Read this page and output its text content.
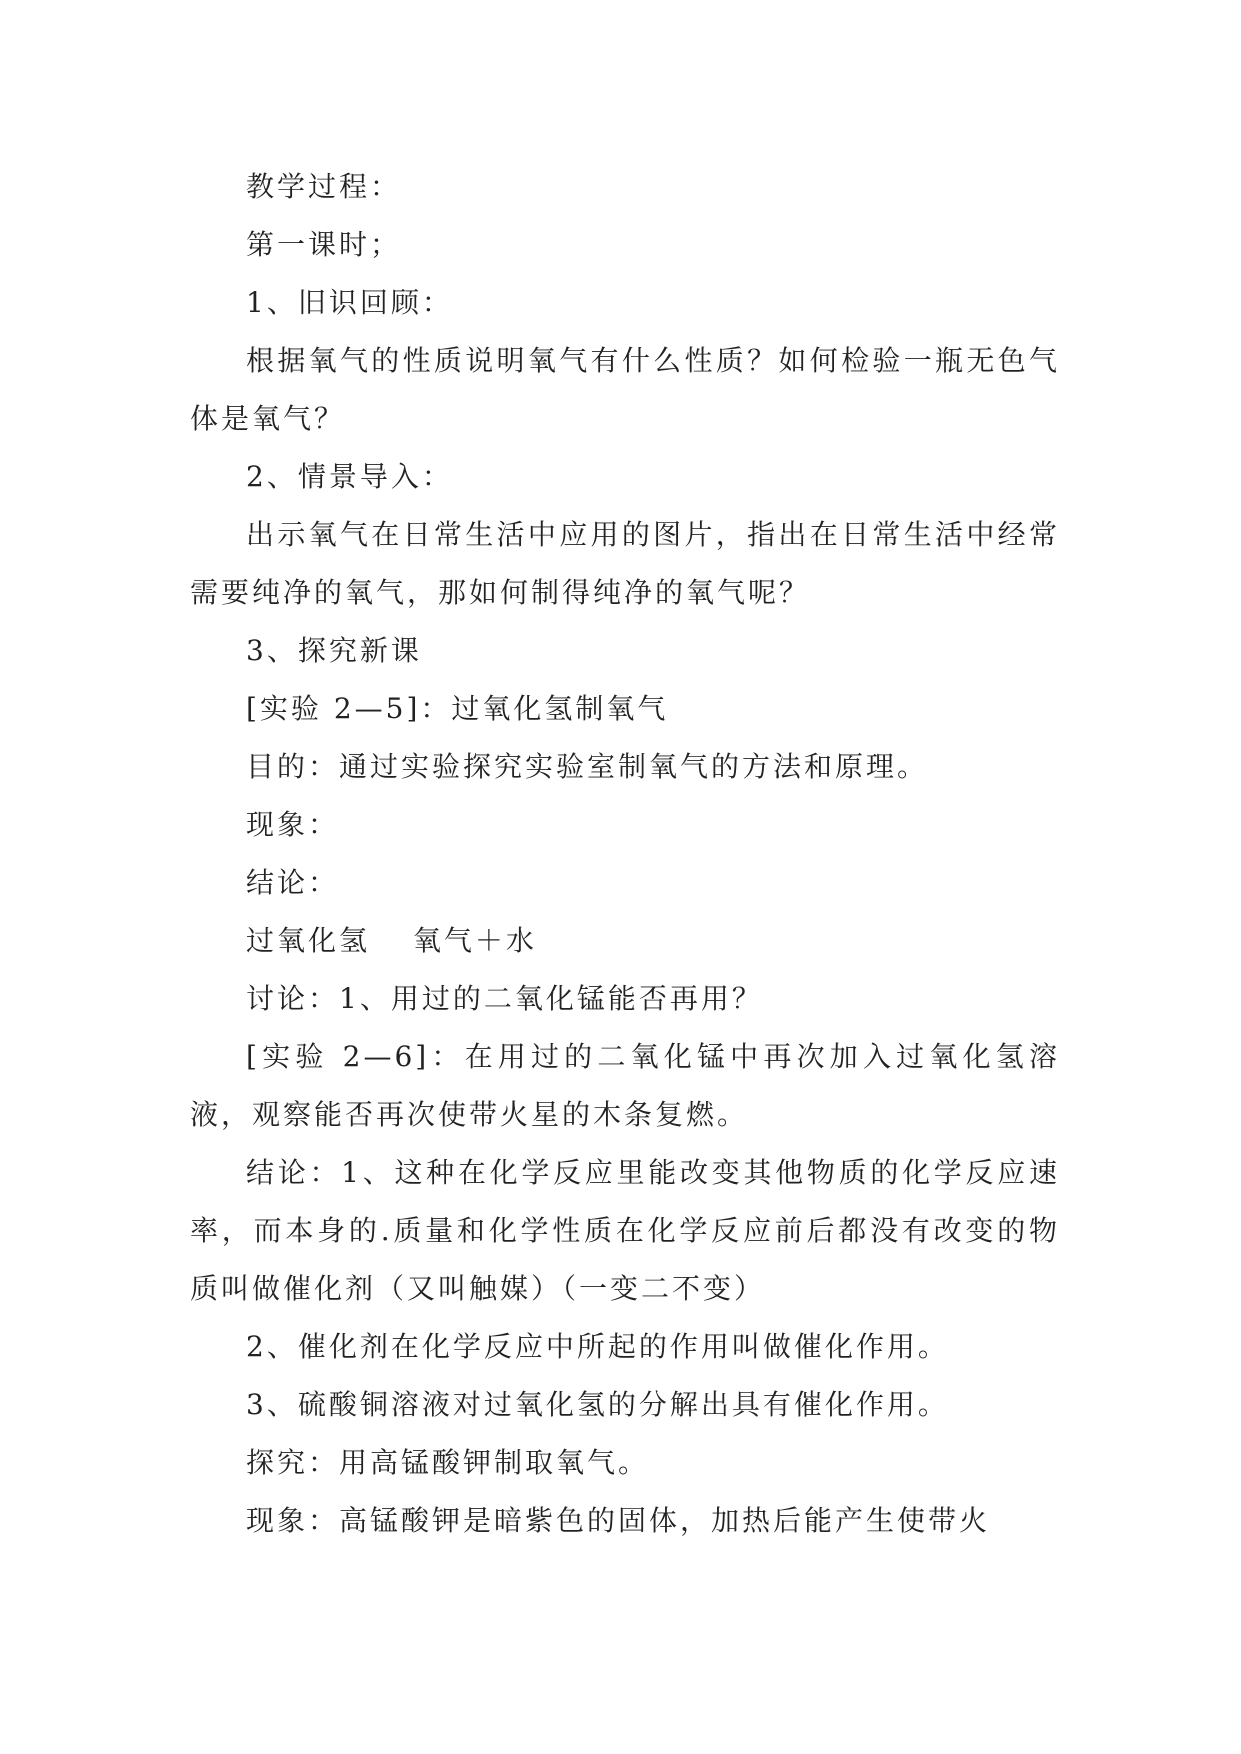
教学过程：

第一课时；

1、旧识回顾：

根据氧气的性质说明氧气有什么性质？如何检验一瓶无色气体是氧气？

2、情景导入：

出示氧气在日常生活中应用的图片，指出在日常生活中经常需要纯净的氧气，那如何制得纯净的氧气呢？

3、探究新课

[实验 2—5]：过氧化氢制氧气

目的：通过实验探究实验室制氧气的方法和原理。

现象：

结论：

过氧化氢　 氧气＋水

讨论：1、用过的二氧化锰能否再用？

[实验 2—6]：在用过的二氧化锰中再次加入过氧化氢溶液，观察能否再次使带火星的木条复燃。

结论：1、这种在化学反应里能改变其他物质的化学反应速率，而本身的.质量和化学性质在化学反应前后都没有改变的物质叫做催化剂（又叫触媒）（一变二不变）

2、催化剂在化学反应中所起的作用叫做催化作用。

3、硫酸铜溶液对过氧化氢的分解出具有催化作用。

探究：用高锰酸钾制取氧气。

现象：高锰酸钾是暗紫色的固体，加热后能产生使带火
